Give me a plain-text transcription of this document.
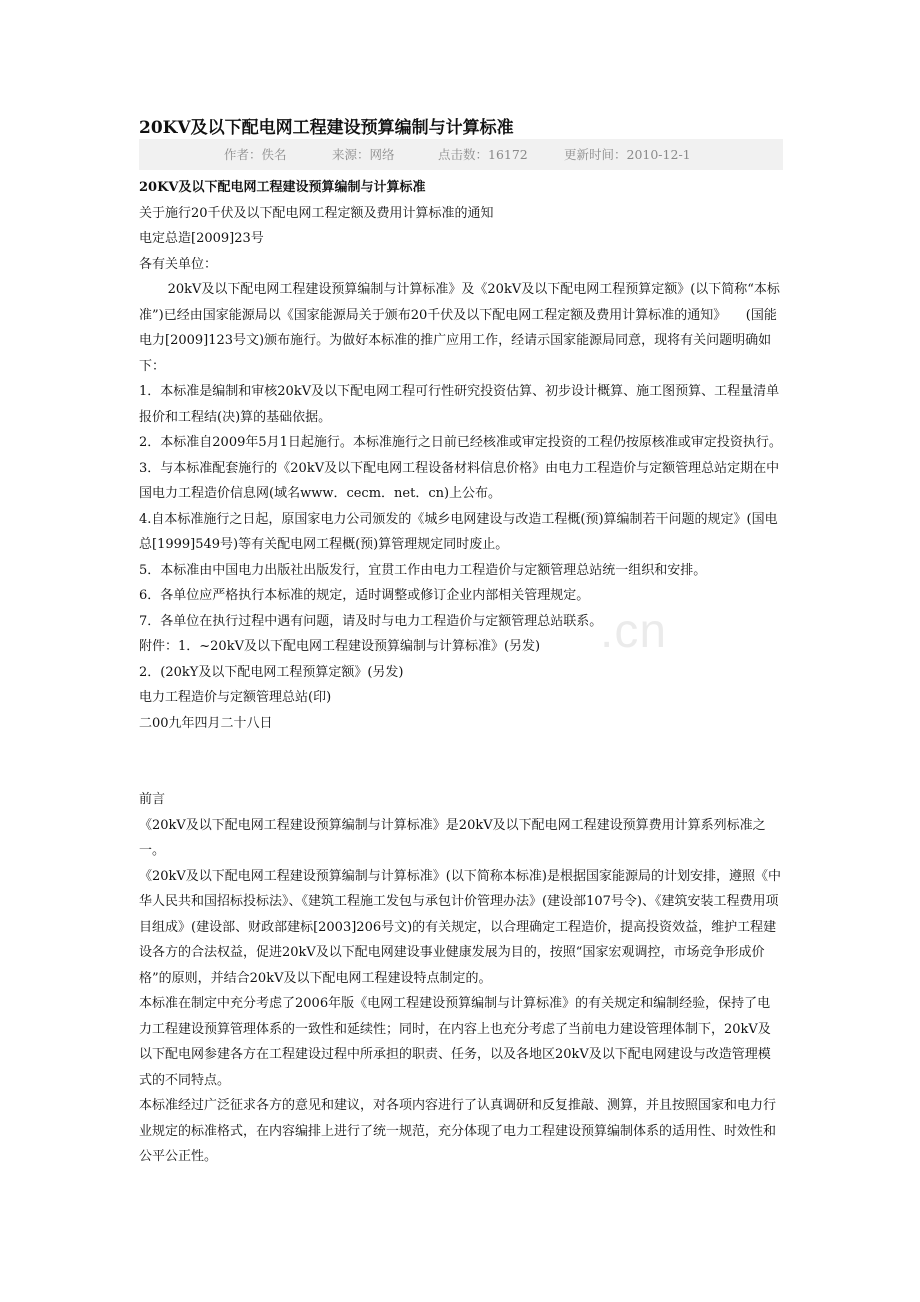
20KV及以下配电网工程建设预算编制与计算标准
作者：佚名	来源：网络	点击数：16172	更新时间：2010-12-1

20KV及以下配电网工程建设预算编制与计算标准

关于施行20千伏及以下配电网工程定额及费用计算标准的通知

电定总造[2009]23号

各有关单位：

20kV及以下配电网工程建设预算编制与计算标准》及《20kV及以下配电网工程预算定额》(以下简称“本标准”)已经由国家能源局以《国家能源局关于颁布20千伏及以下配电网工程定额及费用计算标准的通知》　　(国能电力[2009]123号文)颁布施行。为做好本标准的推广应用工作，经请示国家能源局同意，现将有关问题明确如下：

1．本标准是编制和审核20kV及以下配电网工程可行性研究投资估算、初步设计概算、施工图预算、工程量清单报价和工程结(决)算的基础依据。

2．本标准自2009年5月1日起施行。本标准施行之日前已经核准或审定投资的工程仍按原核准或审定投资执行。

3．与本标准配套施行的《20kV及以下配电网工程设备材料信息价格》由电力工程造价与定额管理总站定期在中国电力工程造价信息网(域名www．cecm．net．cn)上公布。

4.自本标准施行之日起，原国家电力公司颁发的《城乡电网建设与改造工程概(预)算编制若干问题的规定》(国电总[1999]549号)等有关配电网工程概(预)算管理规定同时废止。

5．本标准由中国电力出版社出版发行，宜贯工作由电力工程造价与定额管理总站统一组织和安排。

6．各单位应严格执行本标准的规定，适时调整或修订企业内部相关管理规定。

7．各单位在执行过程中遇有问题，请及时与电力工程造价与定额管理总站联系。

附件：1．~20kV及以下配电网工程建设预算编制与计算标准》(另发)

2．(20kY及以下配电网工程预算定额》(另发)

电力工程造价与定额管理总站(印)

二00九年四月二十八日

前言

《20kV及以下配电网工程建设预算编制与计算标准》是20kV及以下配电网工程建设预算费用计算系列标准之一。

《20kV及以下配电网工程建设预算编制与计算标准》(以下简称本标准)是根据国家能源局的计划安排，遵照《中华人民共和国招标投标法》、《建筑工程施工发包与承包计价管理办法》(建设部107号令)、《建筑安装工程费用项目组成》(建设部、财政部建标[2003]206号文)的有关规定，以合理确定工程造价，提高投资效益，维护工程建设各方的合法权益，促进20kV及以下配电网建设事业健康发展为目的，按照“国家宏观调控，市场竞争形成价格”的原则，并结合20kV及以下配电网工程建设特点制定的。

本标准在制定中充分考虑了2006年版《电网工程建设预算编制与计算标准》的有关规定和编制经验，保持了电力工程建设预算管理体系的一致性和延续性；同时，在内容上也充分考虑了当前电力建设管理体制下，20kV及以下配电网参建各方在工程建设过程中所承担的职责、任务，以及各地区20kV及以下配电网建设与改造管理模式的不同特点。

本标准经过广泛征求各方的意见和建议，对各项内容进行了认真调研和反复推敲、测算，并且按照国家和电力行业规定的标准格式，在内容编排上进行了统一规范，充分体现了电力工程建设预算编制体系的适用性、时效性和公平公正性。

.cn
